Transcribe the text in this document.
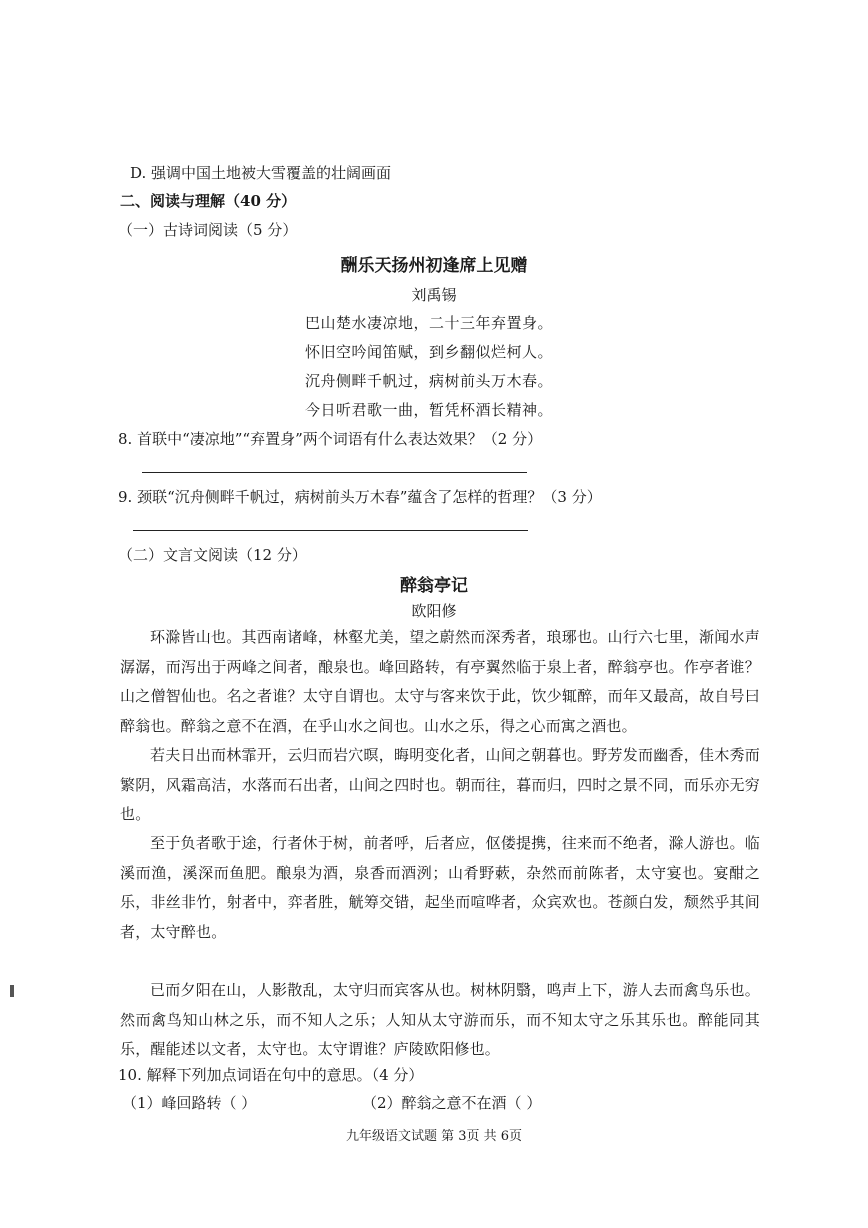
D. 强调中国土地被大雪覆盖的壮阔画面
二、阅读与理解（40 分）
（一）古诗词阅读（5 分）
酬乐天扬州初逢席上见赠
刘禹锡
巴山楚水凄凉地，二十三年弃置身。
怀旧空吟闻笛赋，到乡翻似烂柯人。
沉舟侧畔千帆过，病树前头万木春。
今日听君歌一曲，暂凭杯酒长精神。
8. 首联中“凄凉地”“弃置身”两个词语有什么表达效果？（2 分）
9. 颈联“沉舟侧畔千帆过，病树前头万木春”蕴含了怎样的哲理？（3 分）
（二）文言文阅读（12 分）
醉翁亭记
欧阳修
环滁皆山也。其西南诸峰，林壑尤美，望之蔚然而深秀者，琅琊也。山行六七里，渐闻水声潺潺，而泻出于两峰之间者，酿泉也。峰回路转，有亭翼然临于泉上者，醉翁亭也。作亭者谁？山之僧智仙也。名之者谁？太守自谓也。太守与客来饮于此，饮少辄醉，而年又最高，故自号曰醉翁也。醉翁之意不在酒，在乎山水之间也。山水之乐，得之心而寓之酒也。
若夫日出而林霏开，云归而岩穴暝，晦明变化者，山间之朝暮也。野芳发而幽香，佳木秀而繁阴，风霜高洁，水落而石出者，山间之四时也。朝而往，暮而归，四时之景不同，而乐亦无穷也。
至于负者歌于途，行者休于树，前者呼，后者应，伛偻提携，往来而不绝者，滁人游也。临溪而渔，溪深而鱼肥。酿泉为酒，泉香而酒洌；山肴野蔌，杂然而前陈者，太守宴也。宴酣之乐，非丝非竹，射者中，弈者胜，觥筹交错，起坐而喧哗者，众宾欢也。苍颜白发，颓然乎其间者，太守醉也。
已而夕阳在山，人影散乱，太守归而宾客从也。树林阴翳，鸣声上下，游人去而禽鸟乐也。然而禽鸟知山林之乐，而不知人之乐；人知从太守游而乐，而不知太守之乐其乐也。醉能同其乐，醒能述以文者，太守也。太守谓谁？庐陵欧阳修也。
10. 解释下列加点词语在句中的意思。（4 分）
（1）峰回路转（ ）	（2）醉翁之意不在酒（ ）
九年级语文试题 第 3页 共 6页
